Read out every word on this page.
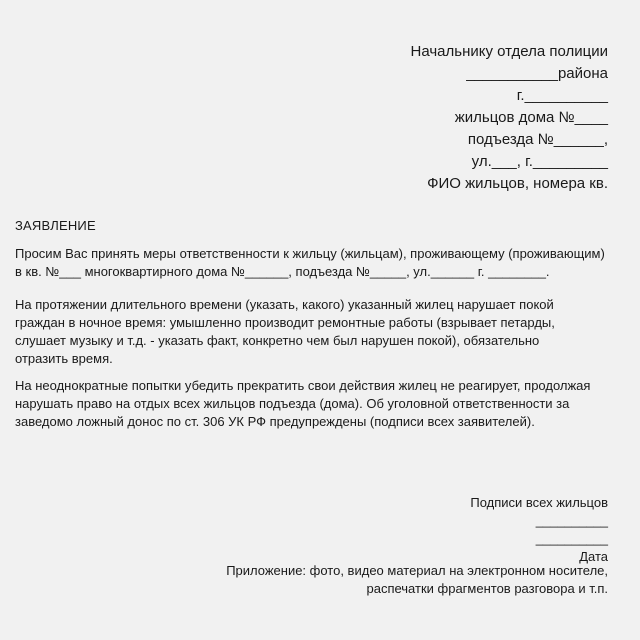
Начальнику отдела полиции
___________района
г.__________
жильцов дома №____
подъезда №______,
ул.___, г._________
ФИО жильцов, номера кв.
ЗАЯВЛЕНИЕ
Просим Вас принять меры ответственности к жильцу (жильцам), проживающему (проживающим)
в кв. №___ многоквартирного дома №______, подъезда №_____, ул.______ г. ________.
На протяжении длительного времени (указать, какого) указанный жилец нарушает покой
граждан в ночное время: умышленно производит ремонтные работы (взрывает петарды,
слушает музыку и т.д. - указать факт, конкретно чем был нарушен покой), обязательно
отразить время.
На неоднократные попытки убедить прекратить свои действия жилец не реагирует, продолжая
нарушать право на отдых всех жильцов подъезда (дома). Об уголовной ответственности за
заведомо ложный донос по ст. 306 УК РФ предупреждены (подписи всех заявителей).
Подписи всех жильцов
__________
__________
Дата
Приложение: фото, видео материал на электронном носителе,
распечатки фрагментов разговора и т.п.
